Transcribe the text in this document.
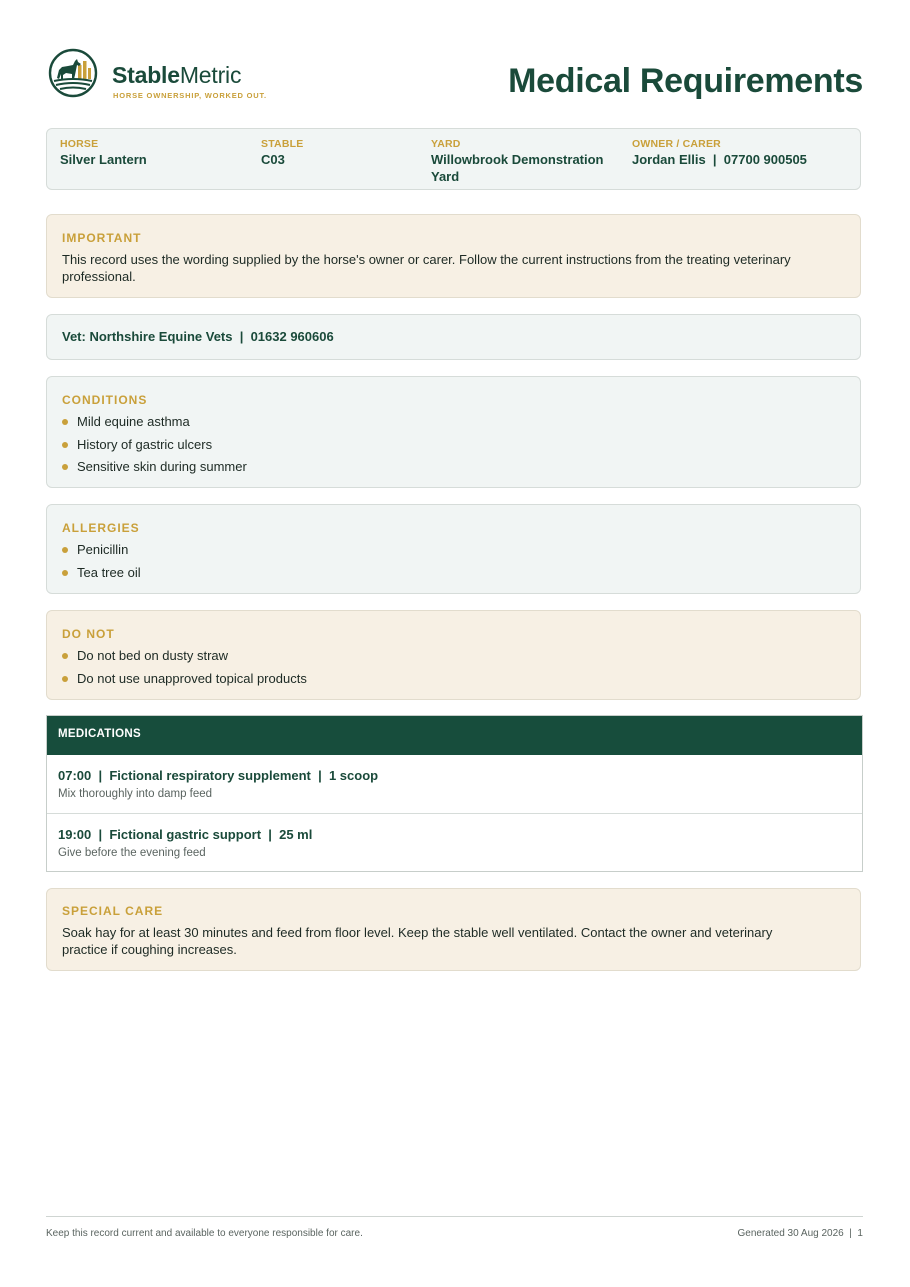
StableMetric
HORSE OWNERSHIP, WORKED OUT.	Medical Requirements
HORSE
Silver Lantern
STABLE
C03
YARD
Willowbrook Demonstration
Yard
OWNER / CARER
Jordan Ellis  |  07700 900505
IMPORTANT
This record uses the wording supplied by the horse's owner or carer. Follow the current instructions from the treating veterinary
professional.
Vet: Northshire Equine Vets  |  01632 960606
CONDITIONS
Mild equine asthma
History of gastric ulcers
Sensitive skin during summer
ALLERGIES
Penicillin
Tea tree oil
DO NOT
Do not bed on dusty straw
Do not use unapproved topical products
MEDICATIONS
07:00  |  Fictional respiratory supplement  |  1 scoop
Mix thoroughly into damp feed
19:00  |  Fictional gastric support  |  25 ml
Give before the evening feed
SPECIAL CARE
Soak hay for at least 30 minutes and feed from floor level. Keep the stable well ventilated. Contact the owner and veterinary
practice if coughing increases.
Keep this record current and available to everyone responsible for care.	Generated 30 Aug 2026  |  1
